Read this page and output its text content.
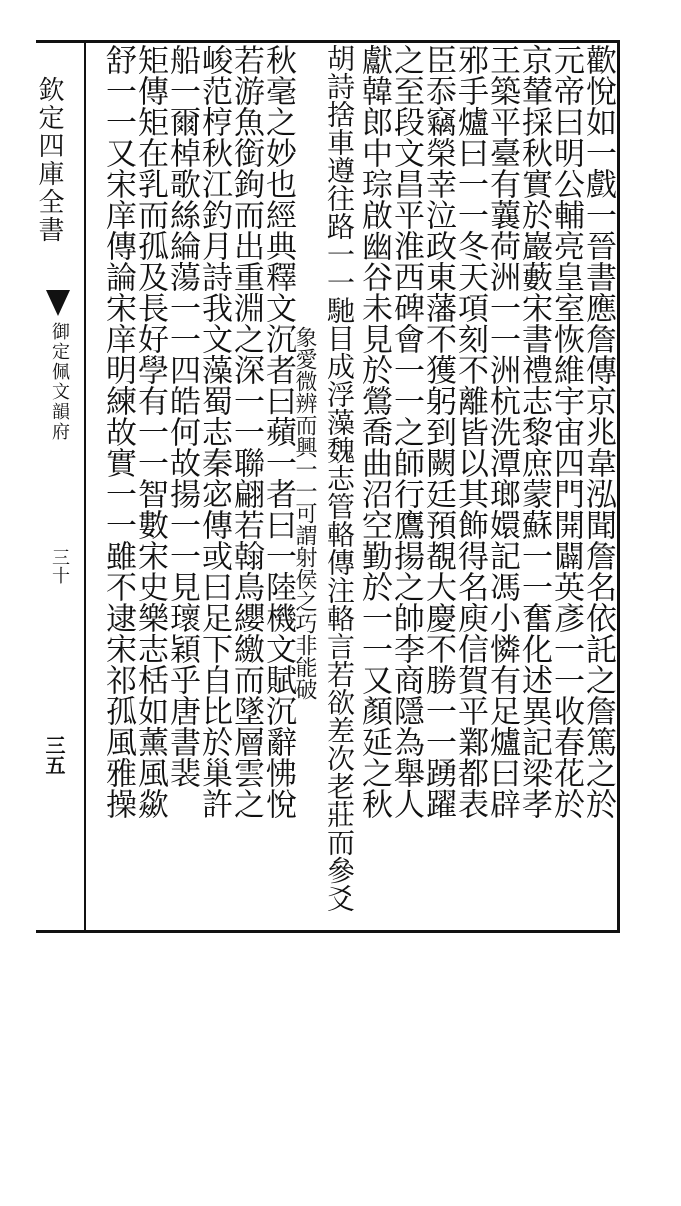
欽定四庫全書
御定佩文韻府
三十
三五	歡悅如一戲一晉書應詹傳京兆韋泓聞詹名依託之詹篤之於
元帝曰明公輔亮皇室恢維宇宙四門開闢英彥一一收春花於
京輦採秋實於巖藪宋書禮志黎庶蒙蘇一一奮化述異記梁孝
王築平臺有蘘荷洲一一洲杭洗潭瑯嬛記馮小憐有足爐曰辟
邪手爐曰一一冬天項刻不離皆以其飾得名庾信賀平鄴都表
臣忝竊榮幸泣政東藩不獲躬到闕廷預覩大慶不勝一一踴躍
之至段文昌平淮西碑會一一之師行鷹揚之帥李商隱為舉人
獻韓郎中琮啟幽谷未見於鶯喬曲沼空勤於一一又顏延之秋
胡詩捨車遵往路一一馳目成浮藻魏志管輅傳注輅言若欲差次老莊而參爻
象愛微辨而興一一可謂射侯之巧非能破
秋毫之妙也經典釋文沉者曰蘋一者曰一陸機文賦沉辭怫悅
若游魚銜鉤而出重淵之深一一聯翩若翰鳥纓繳而墜層雲之
峻范梈秋江釣月詩我文藻蜀志秦宓傳或曰足下自比於巢許
船一爾棹歌絲綸蕩一一四皓何故揚一一見瓌穎乎唐書裴
矩傳矩在乳而孤及長好學有一一智數宋史樂志栝如薰風歘
舒一一又宋庠傳論宋庠明練故實一一雖不逮宋祁孤風雅操
